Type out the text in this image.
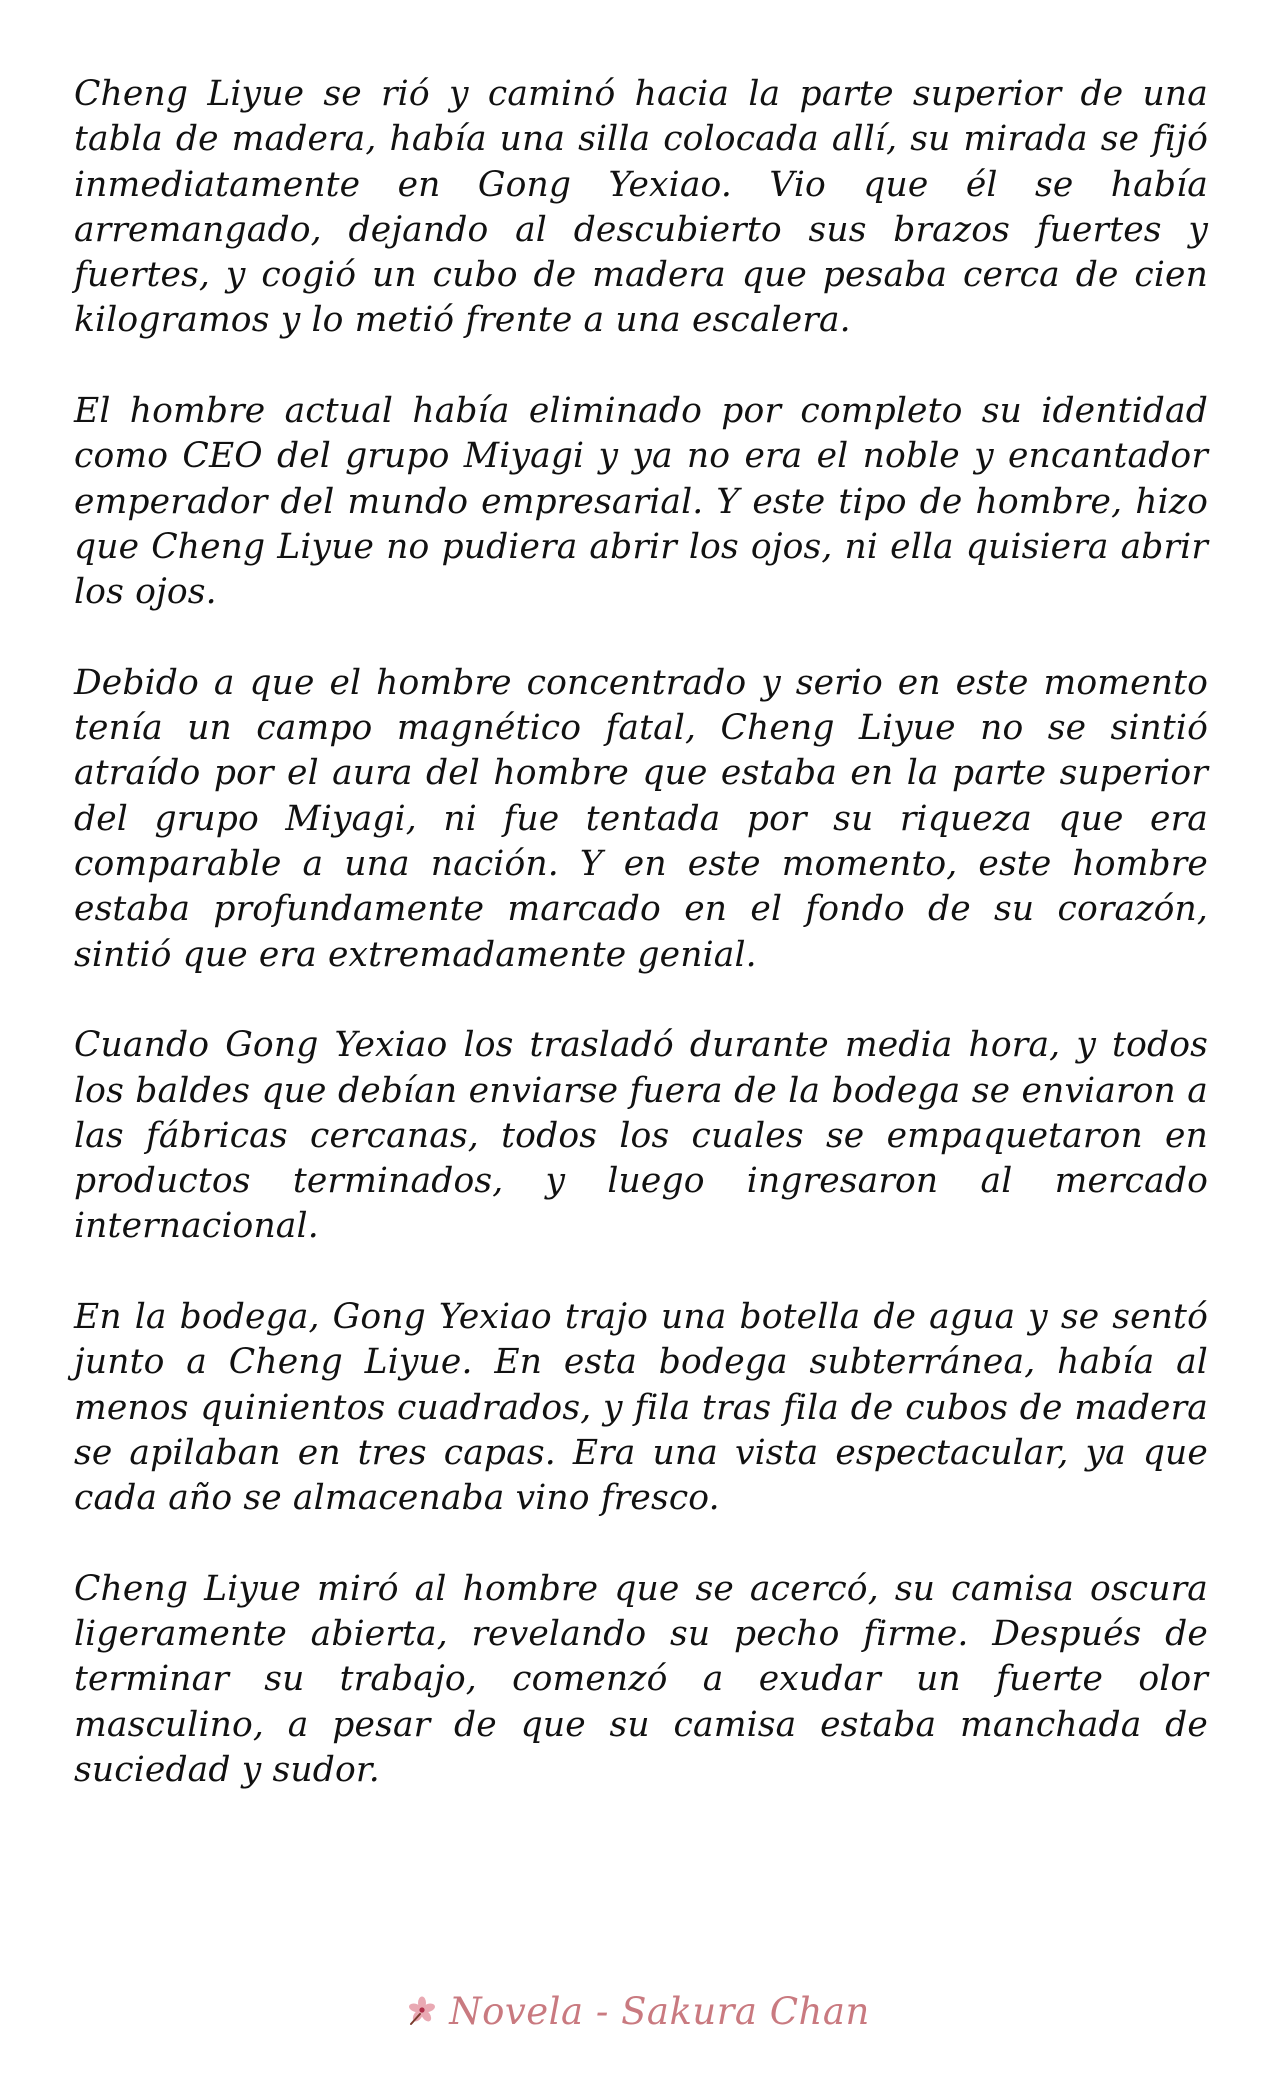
Cheng Liyue se rió y caminó hacia la parte superior de una tabla de madera, había una silla colocada allí, su mirada se fijó inmediatamente en Gong Yexiao. Vio que él se había arremangado, dejando al descubierto sus brazos fuertes y fuertes, y cogió un cubo de madera que pesaba cerca de cien kilogramos y lo metió frente a una escalera.

El hombre actual había eliminado por completo su identidad como CEO del grupo Miyagi y ya no era el noble y encantador emperador del mundo empresarial. Y este tipo de hombre, hizo que Cheng Liyue no pudiera abrir los ojos, ni ella quisiera abrir los ojos.

Debido a que el hombre concentrado y serio en este momento tenía un campo magnético fatal, Cheng Liyue no se sintió atraído por el aura del hombre que estaba en la parte superior del grupo Miyagi, ni fue tentada por su riqueza que era comparable a una nación. Y en este momento, este hombre estaba profundamente marcado en el fondo de su corazón, sintió que era extremadamente genial.

Cuando Gong Yexiao los trasladó durante media hora, y todos los baldes que debían enviarse fuera de la bodega se enviaron a las fábricas cercanas, todos los cuales se empaquetaron en productos terminados, y luego ingresaron al mercado internacional.

En la bodega, Gong Yexiao trajo una botella de agua y se sentó junto a Cheng Liyue. En esta bodega subterránea, había al menos quinientos cuadrados, y fila tras fila de cubos de madera se apilaban en tres capas. Era una vista espectacular, ya que cada año se almacenaba vino fresco.

Cheng Liyue miró al hombre que se acercó, su camisa oscura ligeramente abierta, revelando su pecho firme. Después de terminar su trabajo, comenzó a exudar un fuerte olor masculino, a pesar de que su camisa estaba manchada de suciedad y sudor.

Novela - Sakura Chan
